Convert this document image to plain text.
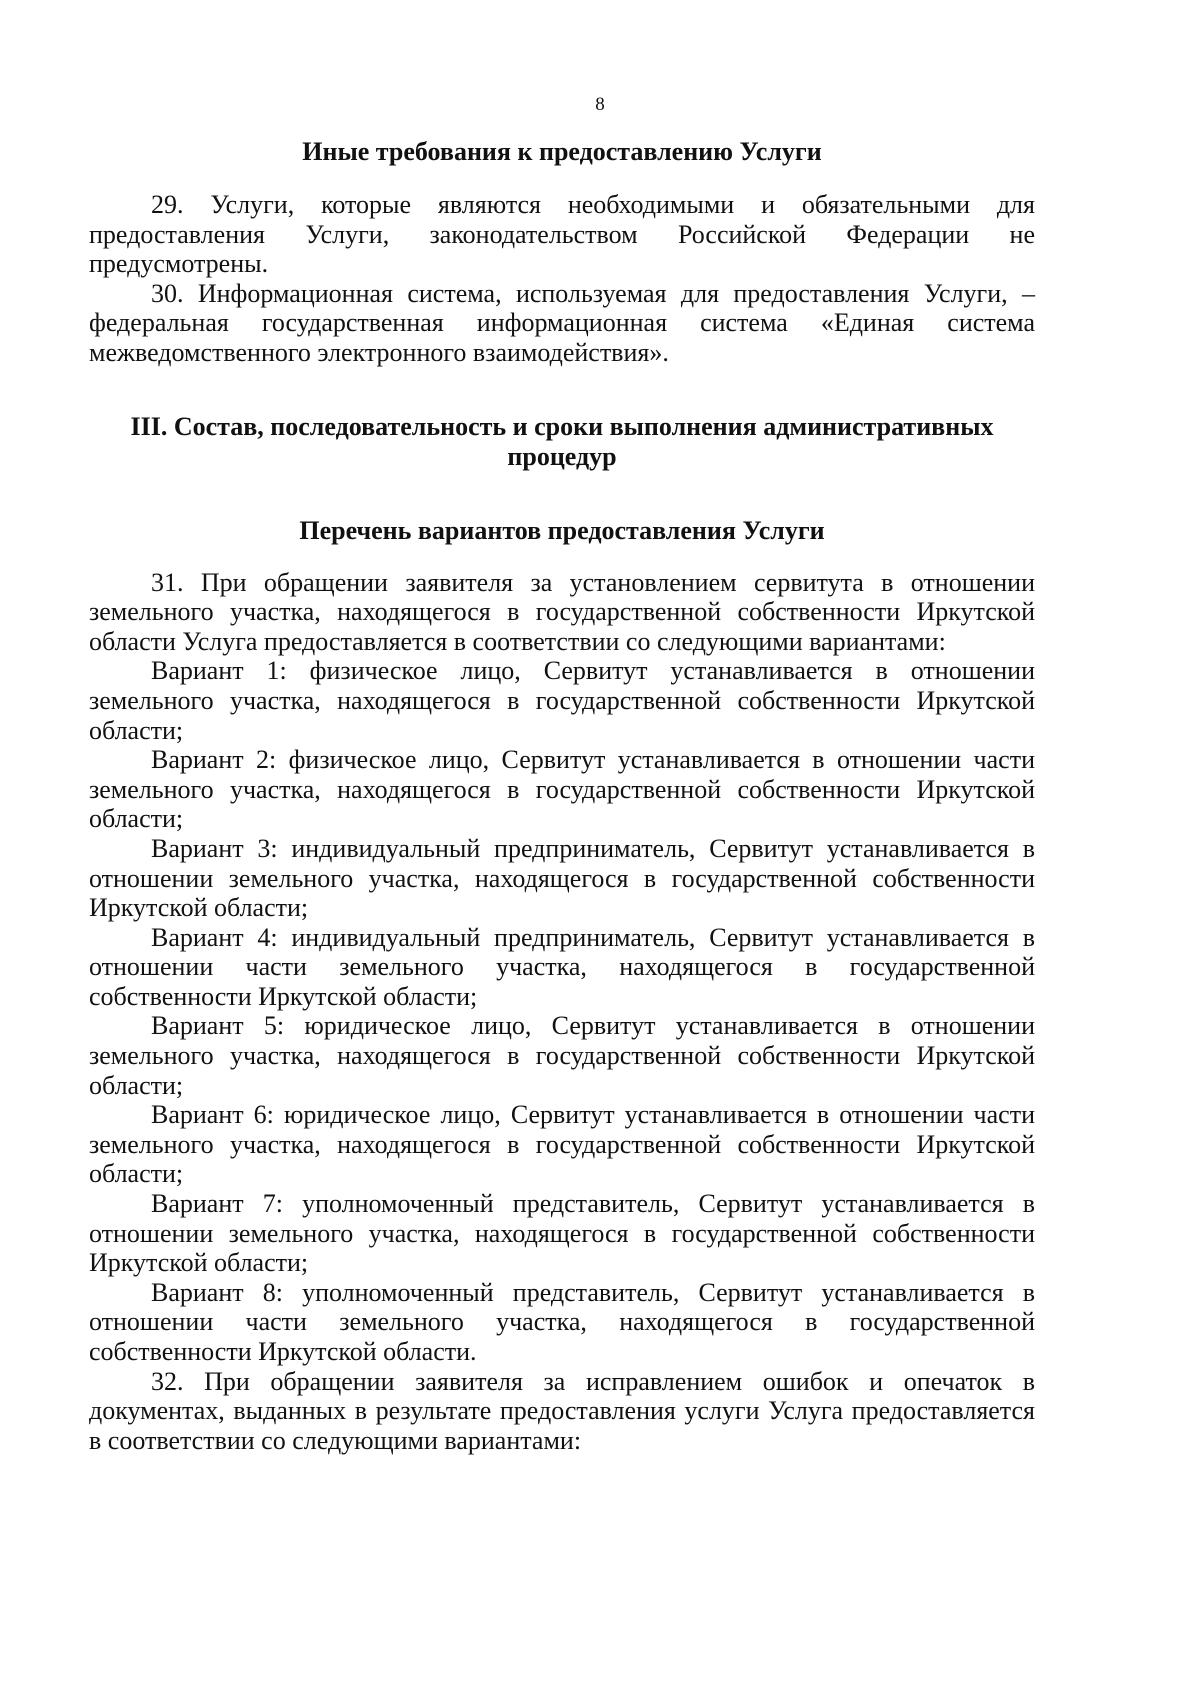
8
Иные требования к предоставлению Услуги

29. Услуги, которые являются необходимыми и обязательными для предоставления Услуги, законодательством Российской Федерации не предусмотрены.

30. Информационная система, используемая для предоставления Услуги, – федеральная государственная информационная система «Единая система межведомственного электронного взаимодействия».

III. Состав, последовательность и сроки выполнения административных
процедур
Перечень вариантов предоставления Услуги

31. При обращении заявителя за установлением сервитута в отношении земельного участка, находящегося в государственной собственности Иркутской области Услуга предоставляется в соответствии со следующими вариантами:

Вариант 1: физическое лицо, Сервитут устанавливается в отношении земельного участка, находящегося в государственной собственности Иркутской области;

Вариант 2: физическое лицо, Сервитут устанавливается в отношении части земельного участка, находящегося в государственной собственности Иркутской области;

Вариант 3: индивидуальный предприниматель, Сервитут устанавливается в отношении земельного участка, находящегося в государственной собственности Иркутской области;

Вариант 4: индивидуальный предприниматель, Сервитут устанавливается в отношении части земельного участка, находящегося в государственной собственности Иркутской области;

Вариант 5: юридическое лицо, Сервитут устанавливается в отношении земельного участка, находящегося в государственной собственности Иркутской области;

Вариант 6: юридическое лицо, Сервитут устанавливается в отношении части земельного участка, находящегося в государственной собственности Иркутской области;

Вариант 7: уполномоченный представитель, Сервитут устанавливается в отношении земельного участка, находящегося в государственной собственности Иркутской области;

Вариант 8: уполномоченный представитель, Сервитут устанавливается в отношении части земельного участка, находящегося в государственной собственности Иркутской области.

32. При обращении заявителя за исправлением ошибок и опечаток в документах, выданных в результате предоставления услуги Услуга предоставляется в соответствии со следующими вариантами:
